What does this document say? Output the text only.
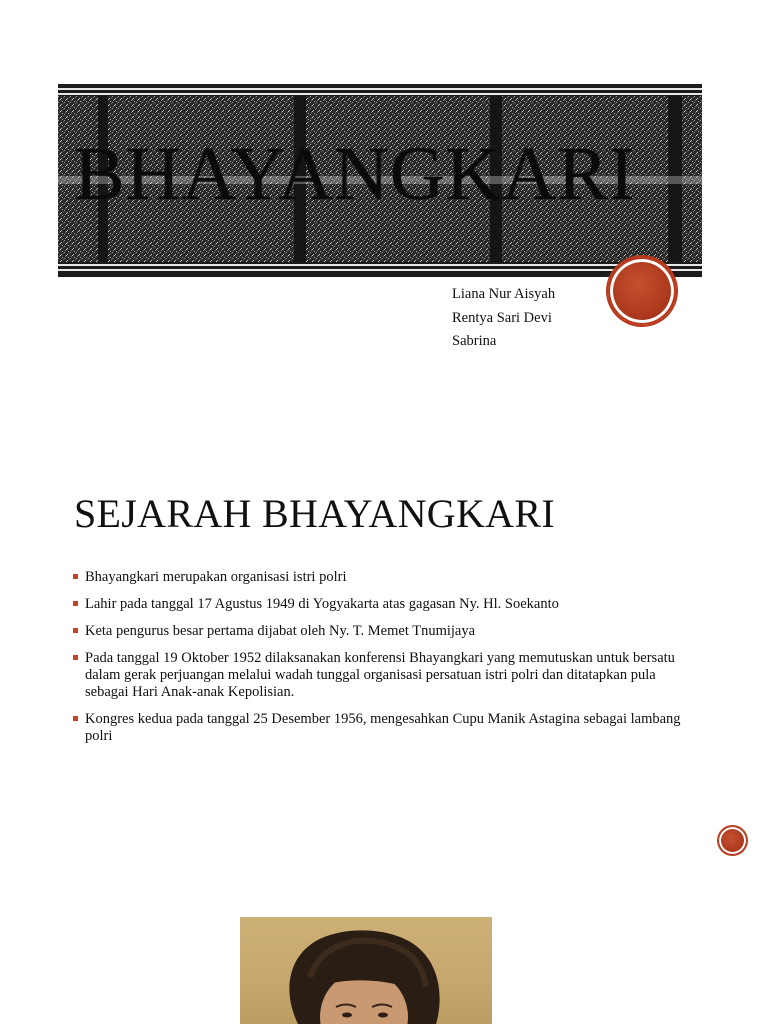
BHAYANGKARI
Liana Nur Aisyah
Rentya Sari Devi
Sabrina
SEJARAH BHAYANGKARI
Bhayangkari merupakan organisasi istri polri
Lahir pada tanggal 17 Agustus 1949 di Yogyakarta atas gagasan Ny. Hl. Soekanto
Keta pengurus besar pertama dijabat oleh Ny. T. Memet Tnumijaya
Pada tanggal 19 Oktober 1952 dilaksanakan konferensi Bhayangkari yang memutuskan untuk bersatu dalam gerak perjuangan melalui wadah tunggal organisasi persatuan istri polri dan ditatapkan pula sebagai Hari Anak-anak Kepolisian.
Kongres kedua pada tanggal 25 Desember 1956, mengesahkan Cupu Manik Astagina sebagai lambang polri
